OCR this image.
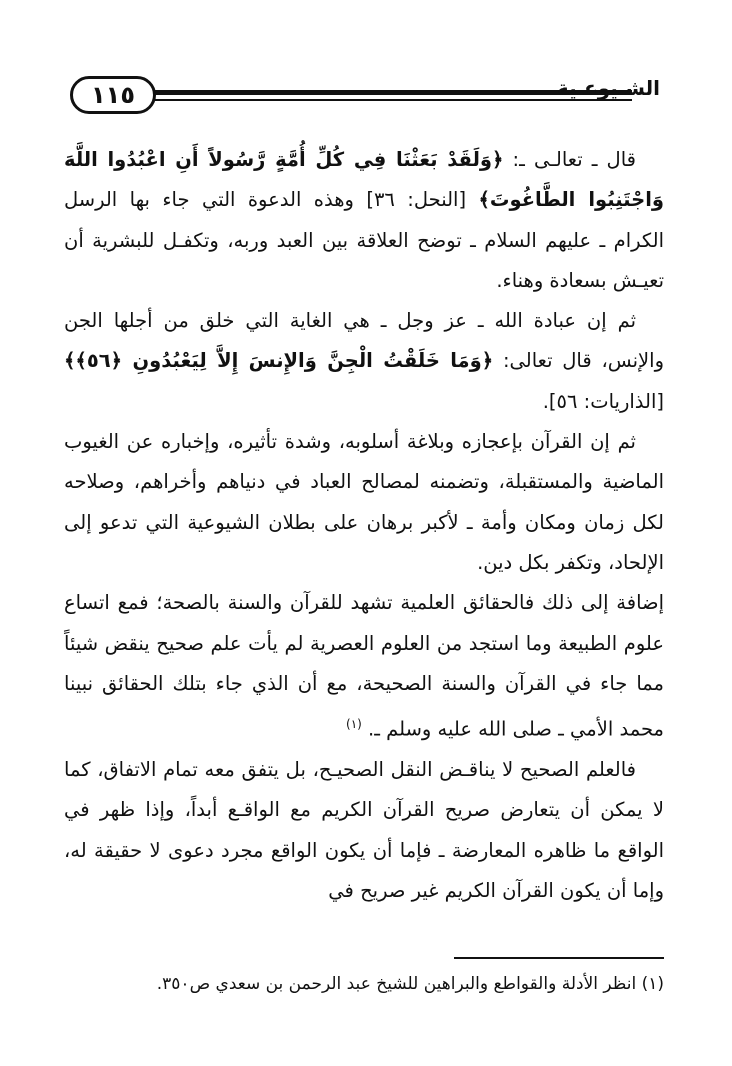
١١٥	الشـيوعـية

قال ـ تعالـى ـ: ﴿وَلَقَدْ بَعَثْنَا فِي كُلِّ أُمَّةٍ رَّسُولاً أَنِ اعْبُدُوا اللَّهَ وَاجْتَنِبُوا الطَّاغُوتَ﴾ [النحل: ٣٦] وهذه الدعوة التي جاء بها الرسل الكرام ـ عليهم السلام ـ توضح العلاقة بين العبد وربه، وتكفـل للبشرية أن تعيـش بسعادة وهناء.

ثم إن عبادة الله ـ عز وجل ـ هي الغاية التي خلق من أجلها الجن والإنس، قال تعالى: ﴿وَمَا خَلَقْتُ الْجِنَّ وَالإِنسَ إِلاَّ لِيَعْبُدُونِ ﴿٥٦﴾﴾ [الذاريات: ٥٦].

ثم إن القرآن بإعجازه وبلاغة أسلوبه، وشدة تأثيره، وإخباره عن الغيوب الماضية والمستقبلة، وتضمنه لمصالح العباد في دنياهم وأخراهم، وصلاحه لكل زمان ومكان وأمة ـ لأكبر برهان على بطلان الشيوعية التي تدعو إلى الإلحاد، وتكفر بكل دين.

إضافة إلى ذلك فالحقائق العلمية تشهد للقرآن والسنة بالصحة؛ فمع اتساع علوم الطبيعة وما استجد من العلوم العصرية لم يأت علم صحيح ينقض شيئاً مما جاء في القرآن والسنة الصحيحة، مع أن الذي جاء بتلك الحقائق نبينا محمد الأمي ـ صلى الله عليه وسلم ـ. $^{(١)}$

فالعلم الصحيح لا يناقـض النقل الصحيـح، بل يتفق معه تمام الاتفاق، كما لا يمكن أن يتعارض صريح القرآن الكريم مع الواقـع أبداً، وإذا ظهر في الواقع ما ظاهره المعارضة ـ فإما أن يكون الواقع مجرد دعوى لا حقيقة له، وإما أن يكون القرآن الكريم غير صريح في

(١) انظر الأدلة والقواطع والبراهين للشيخ عبد الرحمن بن سعدي ص٣٥٠.
